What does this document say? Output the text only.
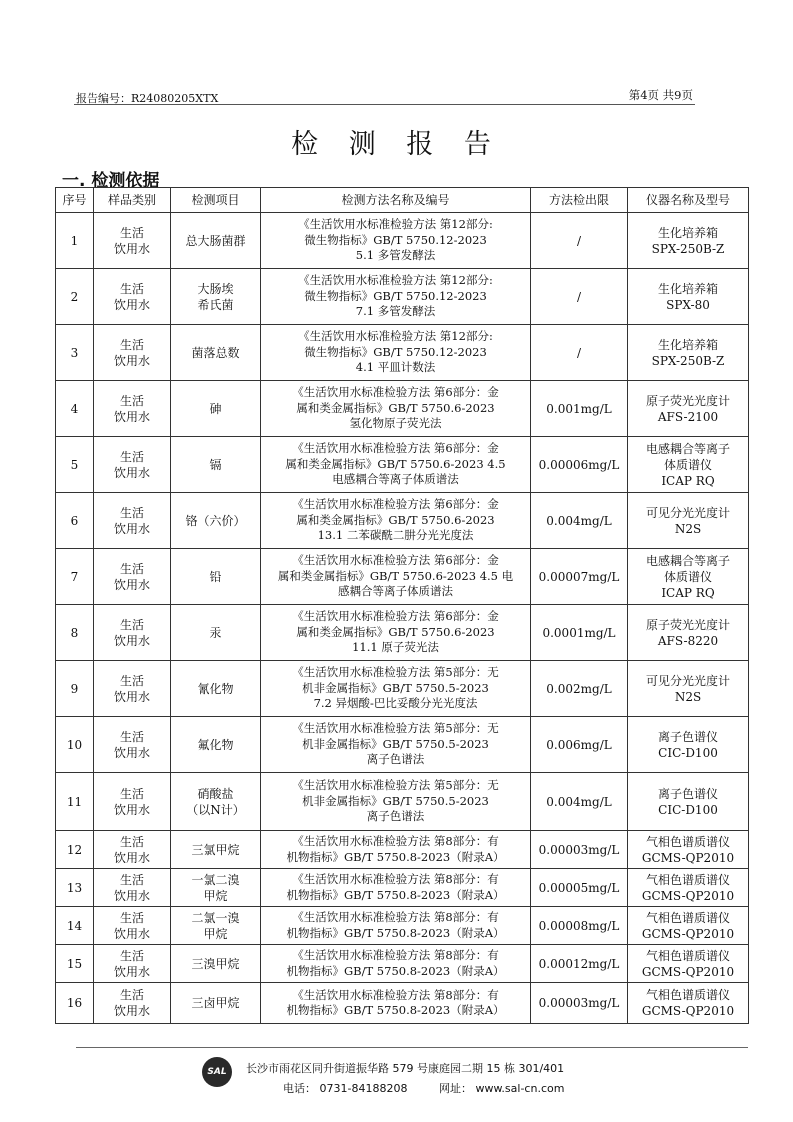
报告编号：R24080205XTX	第4页 共9页
检 测 报 告
一. 检测依据
序号	样品类别	检测项目	检测方法名称及编号	方法检出限	仪器名称及型号
1	生活
饮用水	总大肠菌群	《生活饮用水标准检验方法 第12部分:
微生物指标》GB/T 5750.12-2023
5.1 多管发酵法	/	生化培养箱
SPX-250B-Z
2	生活
饮用水	大肠埃
希氏菌	《生活饮用水标准检验方法 第12部分:
微生物指标》GB/T 5750.12-2023
7.1 多管发酵法	/	生化培养箱
SPX-80
3	生活
饮用水	菌落总数	《生活饮用水标准检验方法 第12部分:
微生物指标》GB/T 5750.12-2023
4.1 平皿计数法	/	生化培养箱
SPX-250B-Z
4	生活
饮用水	砷	《生活饮用水标准检验方法 第6部分：金
属和类金属指标》GB/T 5750.6-2023
氢化物原子荧光法	0.001mg/L	原子荧光光度计
AFS-2100
5	生活
饮用水	镉	《生活饮用水标准检验方法 第6部分：金
属和类金属指标》GB/T 5750.6-2023 4.5
电感耦合等离子体质谱法	0.00006mg/L	电感耦合等离子
体质谱仪
ICAP RQ
6	生活
饮用水	铬（六价）	《生活饮用水标准检验方法 第6部分：金
属和类金属指标》GB/T 5750.6-2023
13.1 二苯碳酰二肼分光光度法	0.004mg/L	可见分光光度计
N2S
7	生活
饮用水	铅	《生活饮用水标准检验方法 第6部分：金
属和类金属指标》GB/T 5750.6-2023 4.5 电
感耦合等离子体质谱法	0.00007mg/L	电感耦合等离子
体质谱仪
ICAP RQ
8	生活
饮用水	汞	《生活饮用水标准检验方法 第6部分：金
属和类金属指标》GB/T 5750.6-2023
11.1 原子荧光法	0.0001mg/L	原子荧光光度计
AFS-8220
9	生活
饮用水	氰化物	《生活饮用水标准检验方法 第5部分：无
机非金属指标》GB/T 5750.5-2023
7.2 异烟酸-巴比妥酸分光光度法	0.002mg/L	可见分光光度计
N2S
10	生活
饮用水	氟化物	《生活饮用水标准检验方法 第5部分：无
机非金属指标》GB/T 5750.5-2023
离子色谱法	0.006mg/L	离子色谱仪
CIC-D100
11	生活
饮用水	硝酸盐
（以N计）	《生活饮用水标准检验方法 第5部分：无
机非金属指标》GB/T 5750.5-2023
离子色谱法	0.004mg/L	离子色谱仪
CIC-D100
12	生活
饮用水	三氯甲烷	《生活饮用水标准检验方法 第8部分：有
机物指标》GB/T 5750.8-2023（附录A）	0.00003mg/L	气相色谱质谱仪
GCMS-QP2010
13	生活
饮用水	一氯二溴
甲烷	《生活饮用水标准检验方法 第8部分：有
机物指标》GB/T 5750.8-2023（附录A）	0.00005mg/L	气相色谱质谱仪
GCMS-QP2010
14	生活
饮用水	二氯一溴
甲烷	《生活饮用水标准检验方法 第8部分：有
机物指标》GB/T 5750.8-2023（附录A）	0.00008mg/L	气相色谱质谱仪
GCMS-QP2010
15	生活
饮用水	三溴甲烷	《生活饮用水标准检验方法 第8部分：有
机物指标》GB/T 5750.8-2023（附录A）	0.00012mg/L	气相色谱质谱仪
GCMS-QP2010
16	生活
饮用水	三卤甲烷	《生活饮用水标准检验方法 第8部分：有
机物指标》GB/T 5750.8-2023（附录A）	0.00003mg/L	气相色谱质谱仪
GCMS-QP2010
SAL	长沙市雨花区同升街道振华路 579 号康庭园二期 15 栋 301/401
电话： 0731-84188208	网址： www.sal-cn.com
